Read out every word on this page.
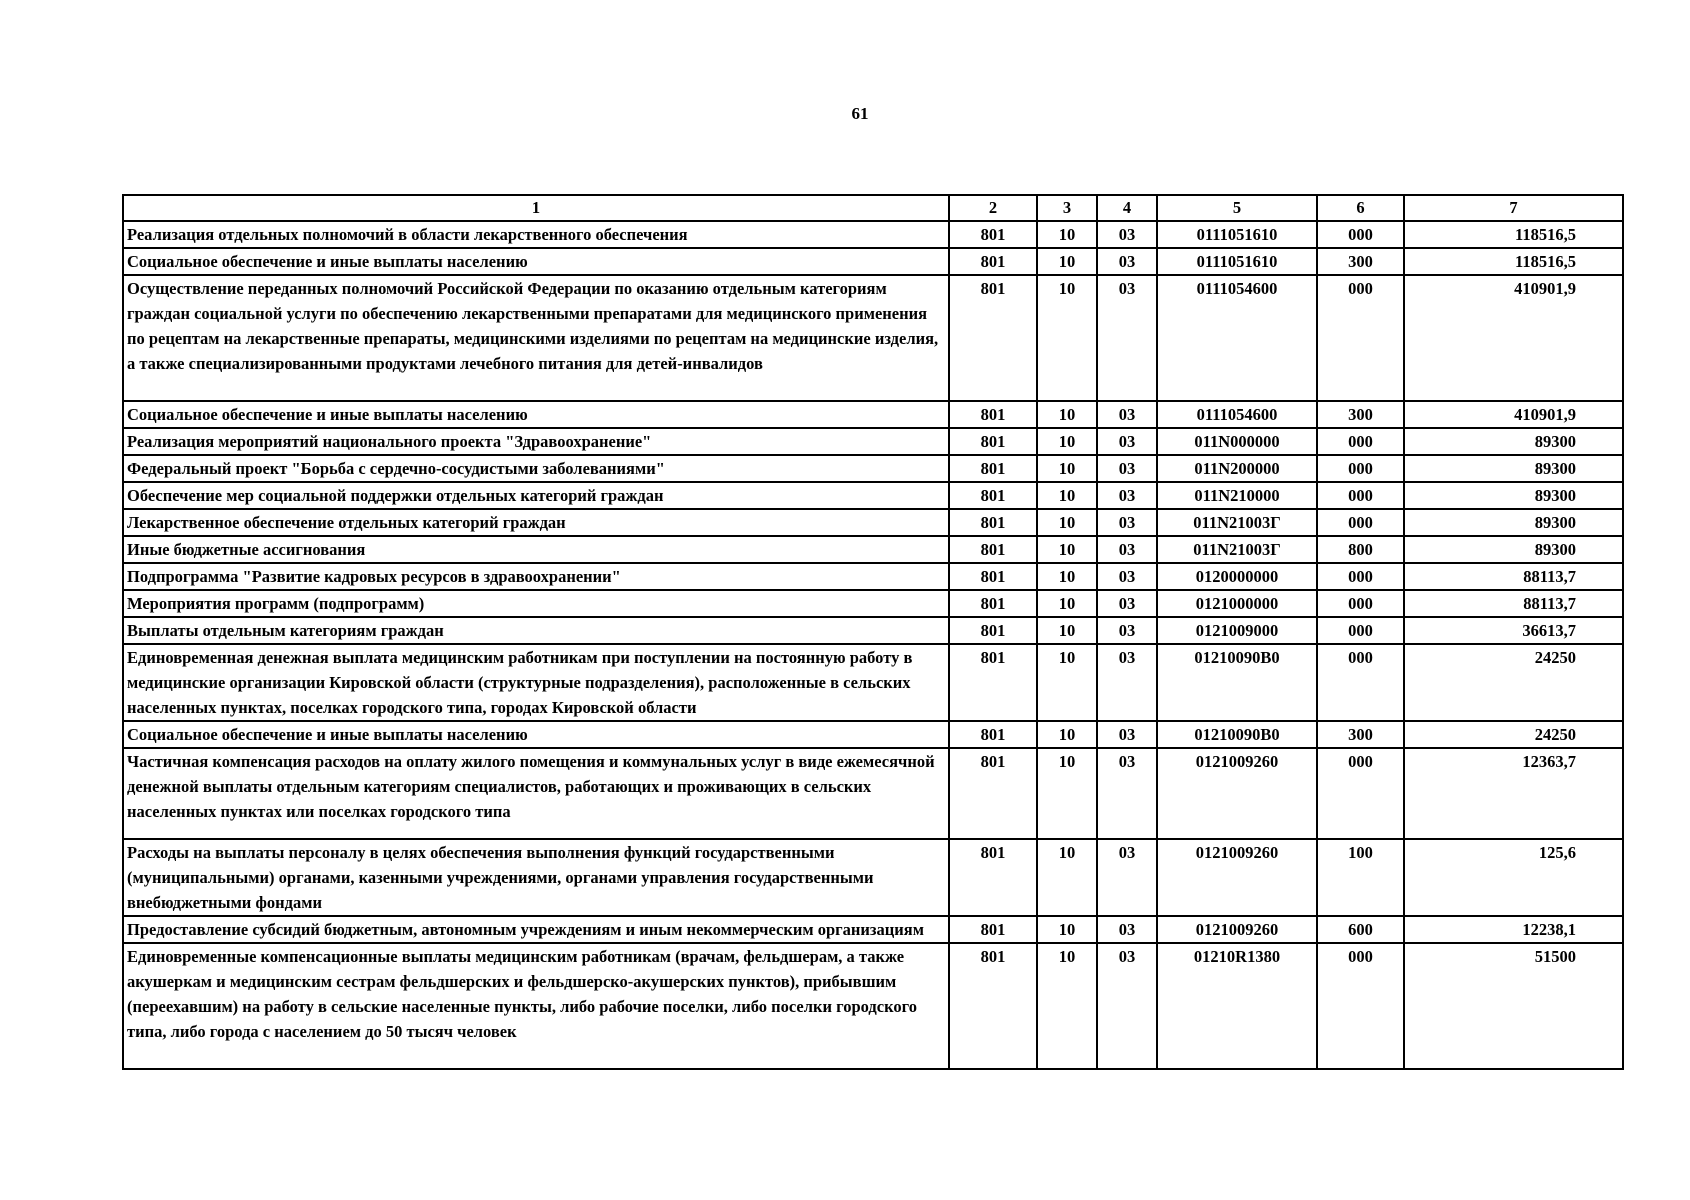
61
1	2	3	4	5	6	7
Реализация отдельных полномочий в области лекарственного обеспечения	801	10	03	0111051610	000	118516,5
Социальное обеспечение и иные выплаты населению	801	10	03	0111051610	300	118516,5
Осуществление переданных полномочий Российской Федерации по оказанию отдельным категориям граждан социальной услуги по обеспечению лекарственными препаратами для медицинского применения по рецептам на лекарственные препараты, медицинскими изделиями по рецептам на медицинские изделия, а также специализированными продуктами лечебного питания для детей-инвалидов	801	10	03	0111054600	000	410901,9
Социальное обеспечение и иные выплаты населению	801	10	03	0111054600	300	410901,9
Реализация мероприятий национального проекта "Здравоохранение"	801	10	03	011N000000	000	89300
Федеральный проект "Борьба с сердечно-сосудистыми заболеваниями"	801	10	03	011N200000	000	89300
Обеспечение мер социальной поддержки отдельных категорий граждан	801	10	03	011N210000	000	89300
Лекарственное обеспечение отдельных категорий граждан	801	10	03	011N21003Г	000	89300
Иные бюджетные ассигнования	801	10	03	011N21003Г	800	89300
Подпрограмма "Развитие кадровых ресурсов в здравоохранении"	801	10	03	0120000000	000	88113,7
Мероприятия программ (подпрограмм)	801	10	03	0121000000	000	88113,7
Выплаты отдельным категориям граждан	801	10	03	0121009000	000	36613,7
Единовременная денежная выплата медицинским работникам при поступлении на постоянную работу в медицинские организации Кировской области (структурные подразделения), расположенные в сельских населенных пунктах, поселках городского типа, городах Кировской области	801	10	03	01210090В0	000	24250
Социальное обеспечение и иные выплаты населению	801	10	03	01210090В0	300	24250
Частичная компенсация расходов на оплату жилого помещения и коммунальных услуг в виде ежемесячной денежной выплаты отдельным категориям специалистов, работающих и проживающих в сельских населенных пунктах или поселках городского типа	801	10	03	0121009260	000	12363,7
Расходы на выплаты персоналу в целях обеспечения выполнения функций государственными (муниципальными) органами, казенными учреждениями, органами управления государственными внебюджетными фондами	801	10	03	0121009260	100	125,6
Предоставление субсидий бюджетным, автономным учреждениям и иным некоммерческим организациям	801	10	03	0121009260	600	12238,1
Единовременные компенсационные выплаты медицинским работникам (врачам, фельдшерам, а также акушеркам и медицинским сестрам фельдшерских и фельдшерско-акушерских пунктов), прибывшим (переехавшим) на работу в сельские населенные пункты, либо рабочие поселки, либо поселки городского типа, либо города с населением до 50 тысяч человек	801	10	03	01210R1380	000	51500
